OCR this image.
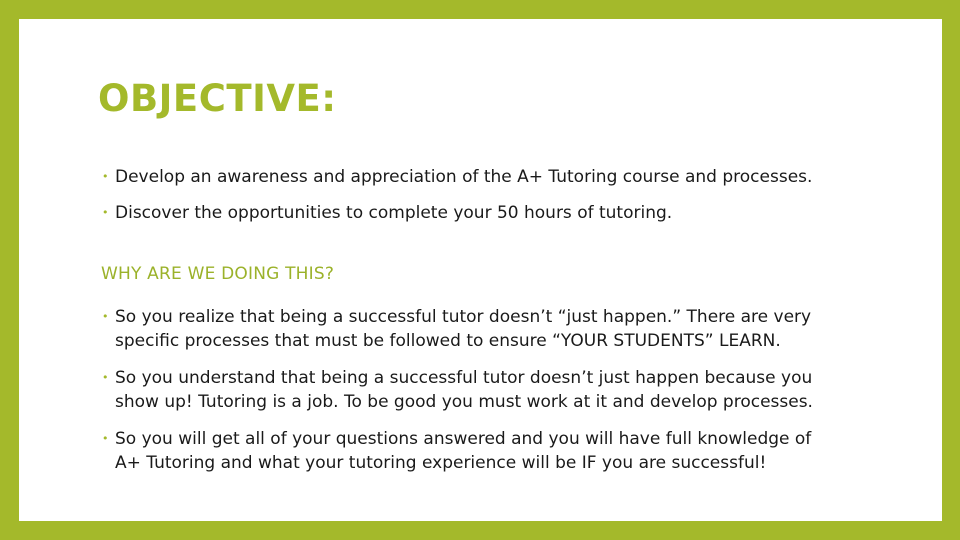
OBJECTIVE:
• Develop an awareness and appreciation of the A+ Tutoring course and processes.
• Discover the opportunities to complete your 50 hours of tutoring.
WHY ARE WE DOING THIS?
• So you realize that being a successful tutor doesn’t “just happen.” There are very
specific processes that must be followed to ensure “YOUR STUDENTS” LEARN.
• So you understand that being a successful tutor doesn’t just happen because you
show up! Tutoring is a job. To be good you must work at it and develop processes.
• So you will get all of your questions answered and you will have full knowledge of
A+ Tutoring and what your tutoring experience will be IF you are successful!
